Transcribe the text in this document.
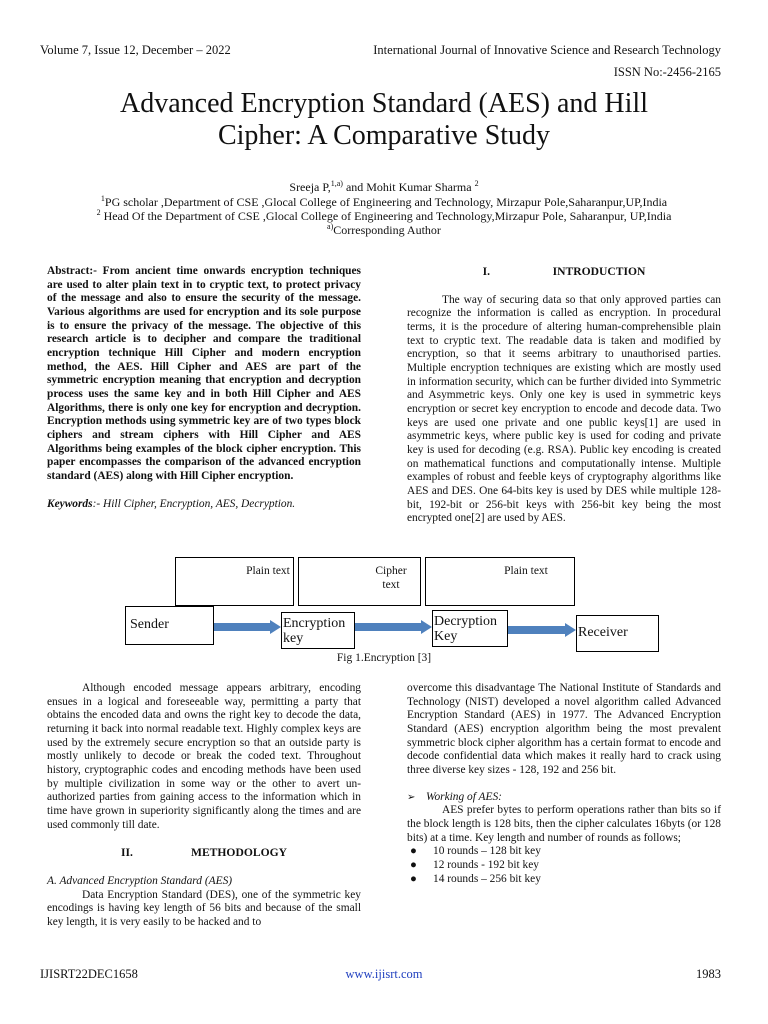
Volume 7, Issue 12, December – 2022	International Journal of Innovative Science and Research Technology
ISSN No:-2456-2165
Advanced Encryption Standard (AES) and Hill
Cipher: A Comparative Study
Sreeja P,$^{1,a)}$ and Mohit Kumar Sharma $^2$
$^1$PG scholar ,Department of CSE ,Glocal College of Engineering and Technology, Mirzapur Pole,Saharanpur,UP,India
$^2$ Head Of the Department of CSE ,Glocal College of Engineering and Technology,Mirzapur Pole, Saharanpur, UP,India
$^{a)}$Corresponding Author

Abstract:- From ancient time onwards encryption techniques are used to alter plain text in to cryptic text, to protect privacy of the message and also to ensure the security of the message. Various algorithms are used for encryption and its sole purpose is to ensure the privacy of the message. The objective of this research article is to decipher and compare the traditional encryption technique Hill Cipher and modern encryption method, the AES. Hill Cipher and AES are part of the symmetric encryption meaning that encryption and decryption process uses the same key and in both Hill Cipher and AES Algorithms, there is only one key for encryption and decryption. Encryption methods using symmetric key are of two types block ciphers and stream ciphers with Hill Cipher and AES Algorithms being examples of the block cipher encryption. This paper encompasses the comparison of the advanced encryption standard (AES) along with Hill Cipher encryption.

Keywords:- Hill Cipher, Encryption, AES, Decryption.

I.	INTRODUCTION

The way of securing data so that only approved parties can recognize the information is called as encryption. In procedural terms, it is the procedure of altering human-comprehensible plain text to cryptic text. The readable data is taken and modified by encryption, so that it seems arbitrary to unauthorised parties. Multiple encryption techniques are existing which are mostly used in information security, which can be further divided into Symmetric and Asymmetric keys. Only one key is used in symmetric keys encryption or secret key encryption to encode and decode data. Two keys are used one private and one public keys[1] are used in asymmetric keys, where public key is used for coding and private key is used for decoding (e.g. RSA). Public key encoding is created on mathematical functions and computationally intense. Multiple examples of robust and feeble keys of cryptography algorithms like AES and DES. One 64-bits key is used by DES while multiple 128-bit, 192-bit or 256-bit keys with 256-bit key being the most encrypted one[2] are used by AES.

Plain text	Cipher text
Plain text
Sender	Encryption key
Decryption Key	Receiver
Fig 1.Encryption [3]

Although encoded message appears arbitrary, encoding ensues in a logical and foreseeable way, permitting a party that obtains the encoded data and owns the right key to decode the data, returning it back into normal readable text. Highly complex keys are used by the extremely secure encryption so that an outside party is mostly unlikely to decode or break the coded text. Throughout history, cryptographic codes and encoding methods have been used by multiple civilization in some way or the other to avert un-authorized parties from gaining access to the information which in time have grown in superiority significantly along the times and are used commonly till date.

II.	METHODOLOGY

A. Advanced Encryption Standard (AES)

Data Encryption Standard (DES), one of the symmetric key encodings is having key length of 56 bits and because of the small key length, it is very easily to be hacked and to

overcome this disadvantage The National Institute of Standards and Technology (NIST) developed a novel algorithm called Advanced Encryption Standard (AES) in 1977. The Advanced Encryption Standard (AES) encryption algorithm being the most prevalent symmetric block cipher algorithm has a certain format to encode and decode confidential data which makes it really hard to crack using three diverse key sizes - 128, 192 and 256 bit.

➢ Working of AES:

AES prefer bytes to perform operations rather than bits so if the block length is 128 bits, then the cipher calculates 16byts (or 128 bits) at a time. Key length and number of rounds as follows;

● 10 rounds – 128 bit key
● 12 rounds - 192 bit key
● 14 rounds – 256 bit key
IJISRT22DEC1658	www.ijisrt.com	1983
